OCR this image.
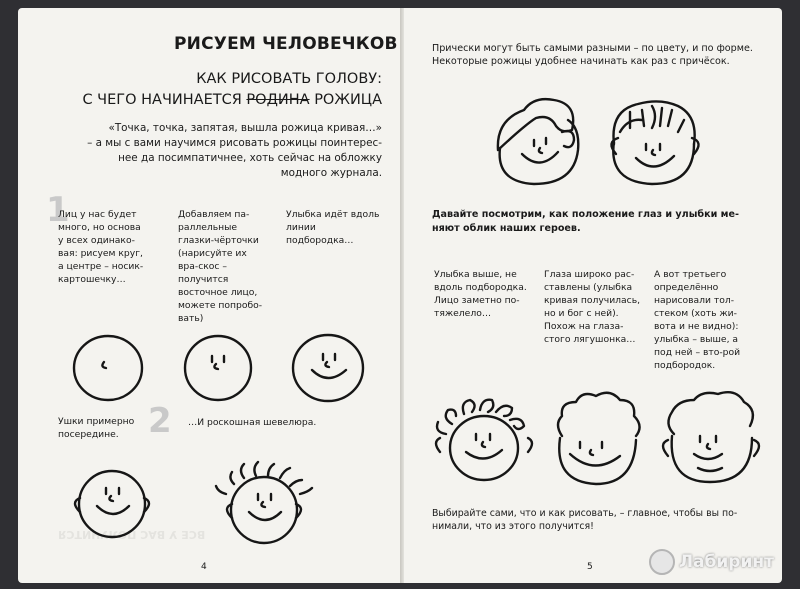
ВСЕ У ВАС ПОЛУЧИТСЯ
РИСУЕМ ЧЕЛОВЕЧКОВ
КАК РИСОВАТЬ ГОЛОВУ:
С ЧЕГО НАЧИНАЕТСЯ РОДИНА РОЖИЦА
«Точка, точка, запятая, вышла рожица кривая…»
– а мы с вами научимся рисовать рожицы поинтерес-
нее да посимпатичнее, хоть сейчас на обложку
модного журнала.
1
2
Лиц у нас будет много, но основа у всех одинако-вая: рисуем круг, а центре – носик-картошечку…
Добавляем па-раллельные глазки-чёрточки (нарисуйте их вра-скос – получится восточное лицо, можете попробо-вать)
Улыбка идёт вдоль линии подбородка…
Ушки примерно посередине.
…И роскошная шевелюра.
4
Прически могут быть самыми разными – по цвету, и по форме. Некоторые рожицы удобнее начинать как раз с причёсок.
Давайте посмотрим, как положение глаз и улыбки ме-няют облик наших героев.
Улыбка выше, не вдоль подбородка. Лицо заметно по-тяжелело…
Глаза широко рас-ставлены (улыбка кривая получилась, но и бог с ней). Похож на глаза-стого лягушонка…
А вот третьего определённо нарисовали тол-стеком (хоть жи-вота и не видно): улыбка – выше, а под ней – вто-рой подбородок.
Выбирайте сами, что и как рисовать, – главное, чтобы вы по-нимали, что из этого получится!
5	Лабиринт
